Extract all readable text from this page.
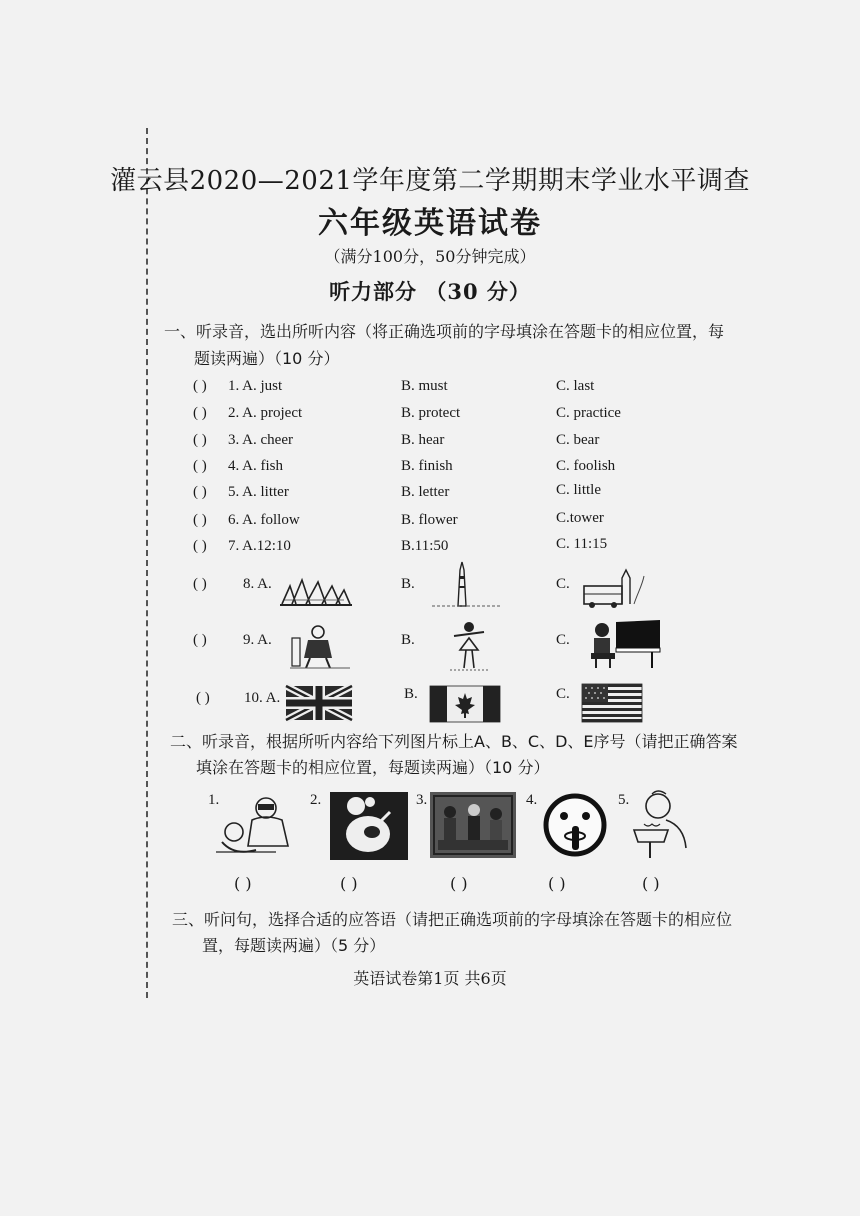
灌云县2020—2021学年度第二学期期末学业水平调查
六年级英语试卷
（满分100分，50分钟完成）
听力部分 （30 分）
一、听录音，选出所听内容（将正确选项前的字母填涂在答题卡的相应位置，每
题读两遍）（10 分）
( ) 1. A. just	B. must	C. last
( ) 2. A. project	B. protect	C. practice
( ) 3. A. cheer	B. hear	C. bear
( ) 4. A. fish	B. finish	C. foolish
( ) 5. A. litter	B. letter	C. little
( ) 6. A. follow	B. flower	C.tower
( ) 7. A.12:10	B.11:50	C. 11:15
( ) 8. A.	B.	C.
( ) 9. A.	B.	C.
( ) 10. A.	B.	C.
二、听录音，根据所听内容给下列图片标上A、B、C、D、E序号（请把正确答案
填涂在答题卡的相应位置，每题读两遍）（10 分）
1.	2.	3.	4.	5.
( )	( )	( )	( )	( )
三、听问句，选择合适的应答语（请把正确选项前的字母填涂在答题卡的相应位
置，每题读两遍）（5 分）
英语试卷第1页 共6页
